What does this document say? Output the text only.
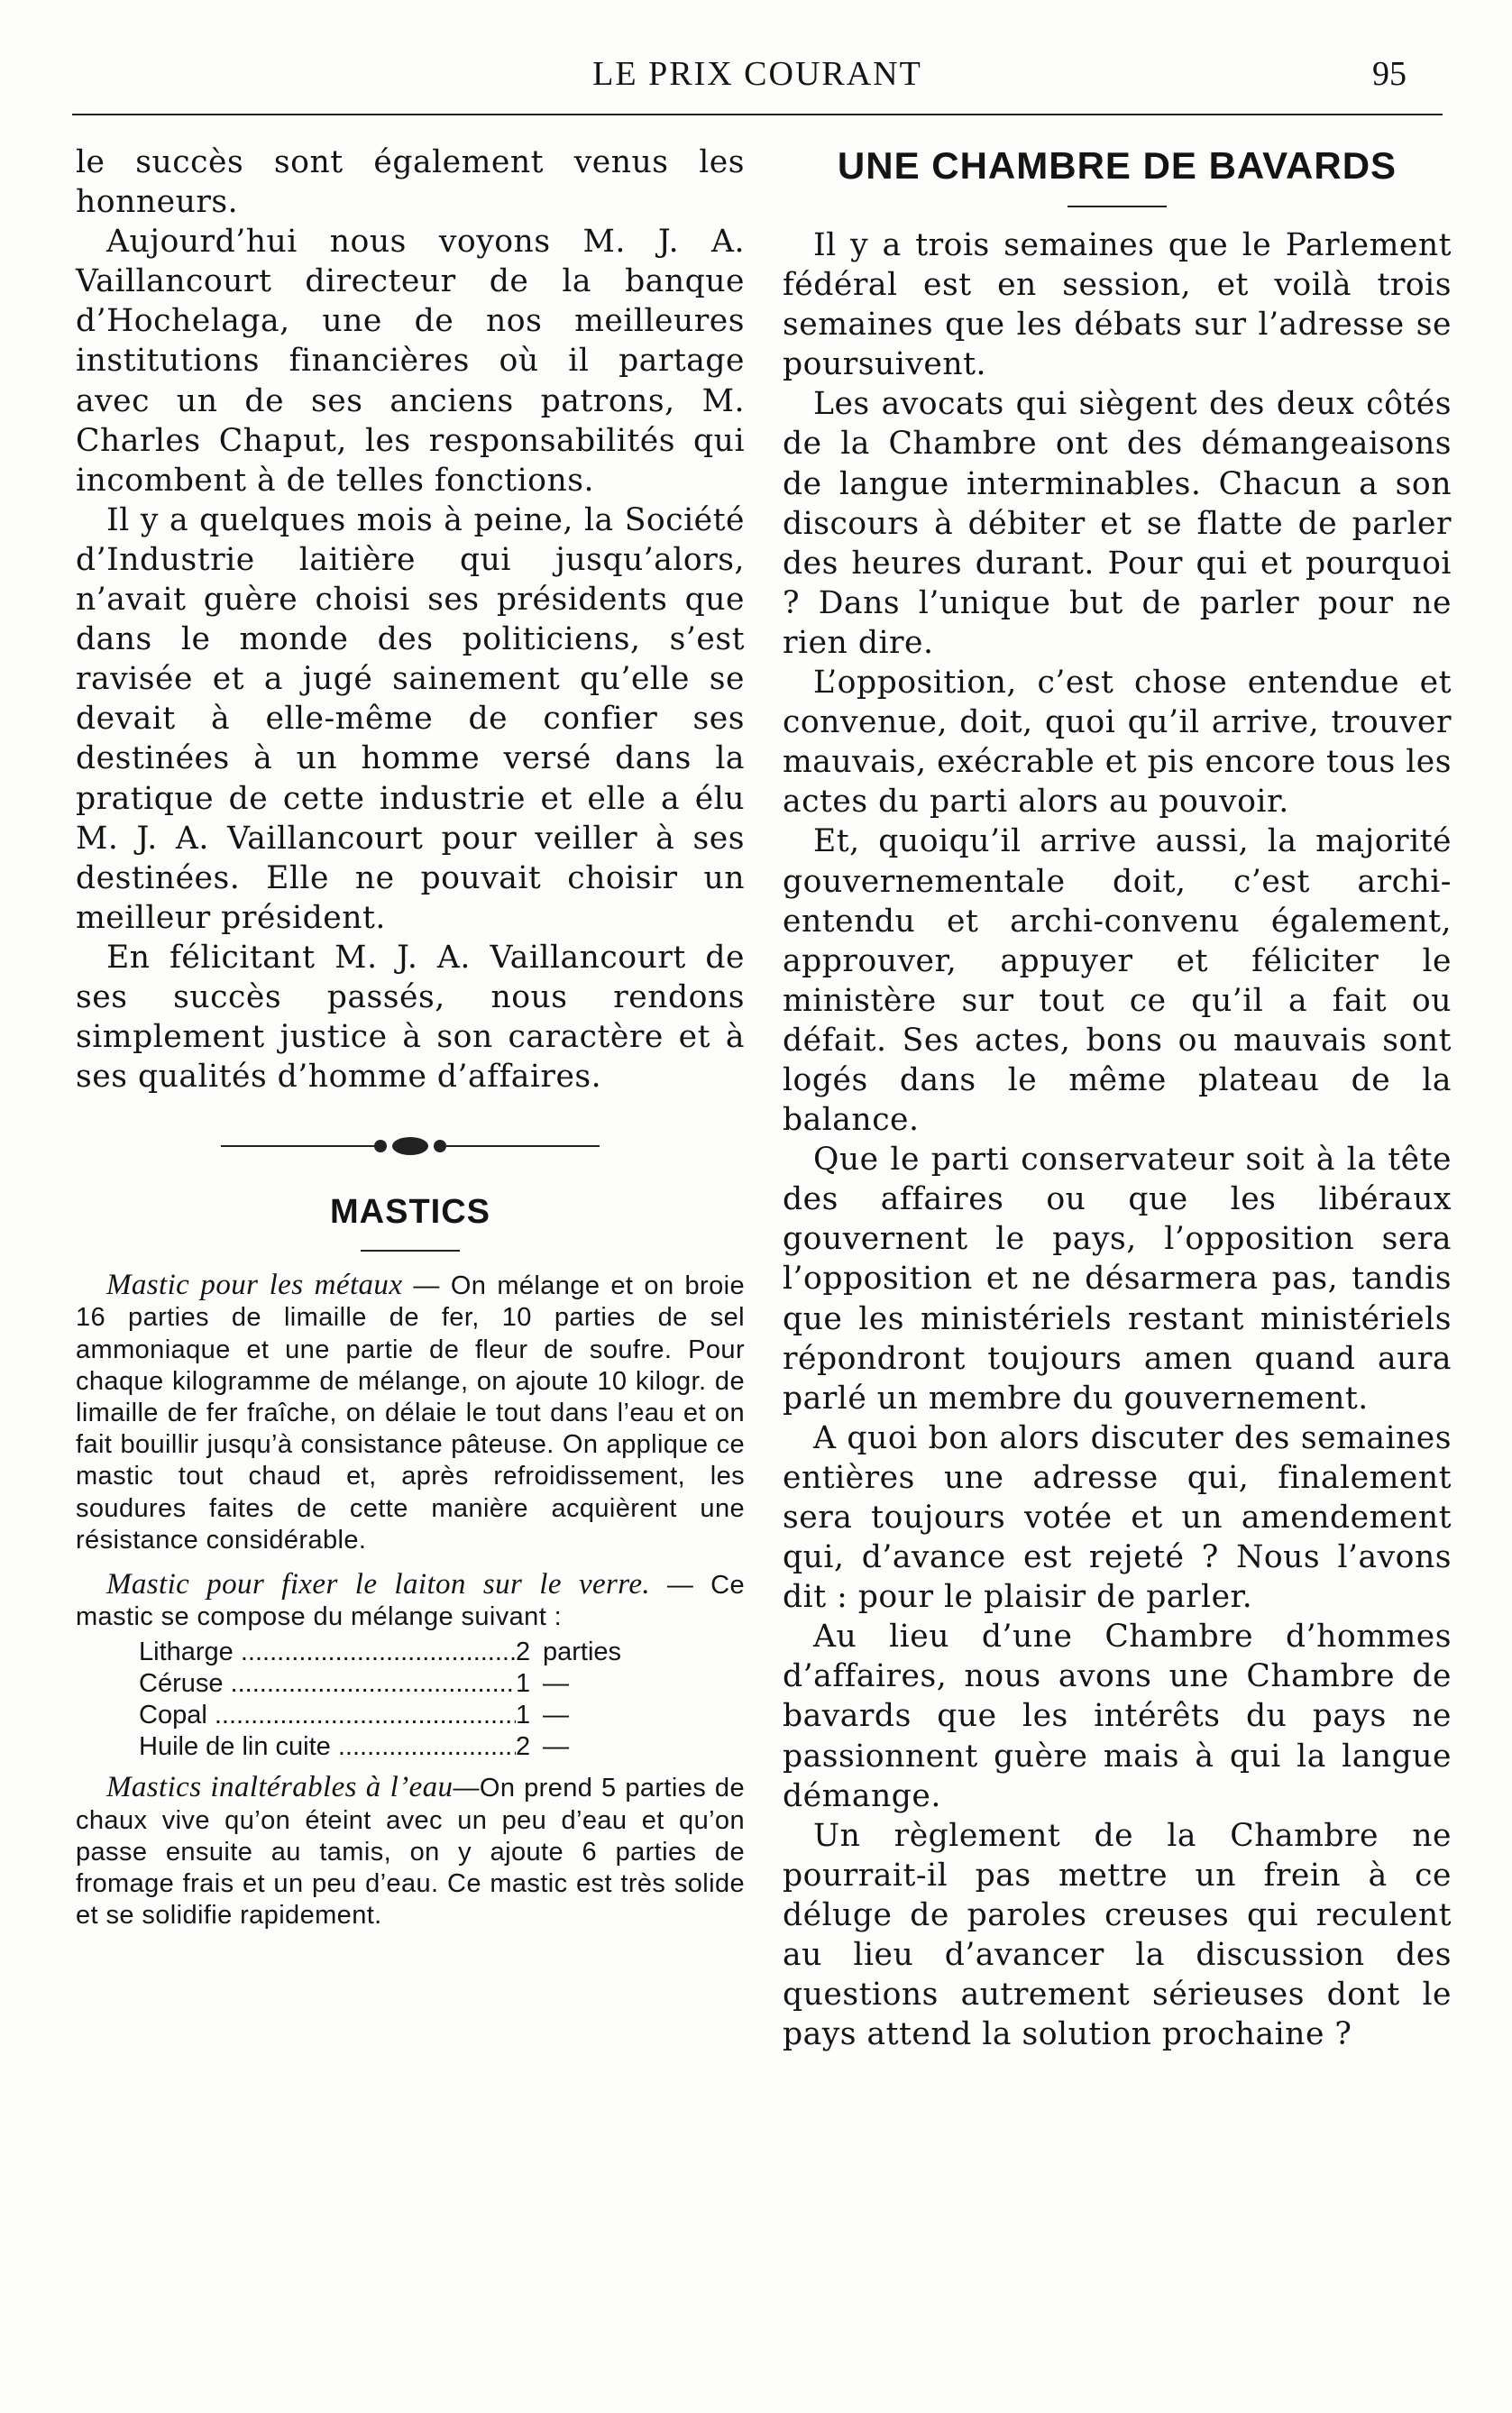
LE PRIX COURANT	95

le succès sont également venus les honneurs.

Aujourd’hui nous voyons M. J. A. Vaillancourt directeur de la banque d’Hochelaga, une de nos meilleures institutions financières où il partage avec un de ses anciens patrons, M. Charles Chaput, les responsabilités qui incombent à de telles fonctions.

Il y a quelques mois à peine, la Société d’Industrie laitière qui jusqu’alors, n’avait guère choisi ses présidents que dans le monde des politiciens, s’est ravisée et a jugé sainement qu’elle se devait à elle-même de confier ses destinées à un homme versé dans la pratique de cette industrie et elle a élu M. J. A. Vaillancourt pour veiller à ses destinées. Elle ne pouvait choisir un meilleur président.

En félicitant M. J. A. Vaillancourt de ses succès passés, nous rendons simplement justice à son caractère et à ses qualités d’homme d’affaires.

MASTICS

Mastic pour les métaux — On mélange et on broie 16 parties de limaille de fer, 10 parties de sel ammoniaque et une partie de fleur de soufre. Pour chaque kilogramme de mélange, on ajoute 10 kilogr. de limaille de fer fraîche, on délaie le tout dans l’eau et on fait bouillir jusqu’à consistance pâteuse. On applique ce mastic tout chaud et, après refroidissement, les soudures faites de cette manière acquièrent une résistance considérable.

Mastic pour fixer le laiton sur le verre. — Ce mastic se compose du mélange suivant :

Litharge .....	2 parties
Céruse .....	1 —
Copal .....	1 —
Huile de lin cuite .....	2 —

Mastics inaltérables à l’eau—On prend 5 parties de chaux vive qu’on éteint avec un peu d’eau et qu’on passe ensuite au tamis, on y ajoute 6 parties de fromage frais et un peu d’eau. Ce mastic est très solide et se solidifie rapidement.

UNE CHAMBRE DE BAVARDS

Il y a trois semaines que le Parlement fédéral est en session, et voilà trois semaines que les débats sur l’adresse se poursuivent.

Les avocats qui siègent des deux côtés de la Chambre ont des démangeaisons de langue interminables. Chacun a son discours à débiter et se flatte de parler des heures durant. Pour qui et pourquoi ? Dans l’unique but de parler pour ne rien dire.

L’opposition, c’est chose entendue et convenue, doit, quoi qu’il arrive, trouver mauvais, exécrable et pis encore tous les actes du parti alors au pouvoir.

Et, quoiqu’il arrive aussi, la majorité gouvernementale doit, c’est archi-entendu et archi-convenu également, approuver, appuyer et féliciter le ministère sur tout ce qu’il a fait ou défait. Ses actes, bons ou mauvais sont logés dans le même plateau de la balance.

Que le parti conservateur soit à la tête des affaires ou que les libéraux gouvernent le pays, l’opposition sera l’opposition et ne désarmera pas, tandis que les ministériels restant ministériels répondront toujours amen quand aura parlé un membre du gouvernement.

A quoi bon alors discuter des semaines entières une adresse qui, finalement sera toujours votée et un amendement qui, d’avance est rejeté ? Nous l’avons dit : pour le plaisir de parler.

Au lieu d’une Chambre d’hommes d’affaires, nous avons une Chambre de bavards que les intérêts du pays ne passionnent guère mais à qui la langue démange.

Un règlement de la Chambre ne pourrait-il pas mettre un frein à ce déluge de paroles creuses qui reculent au lieu d’avancer la discussion des questions autrement sérieuses dont le pays attend la solution prochaine ?
